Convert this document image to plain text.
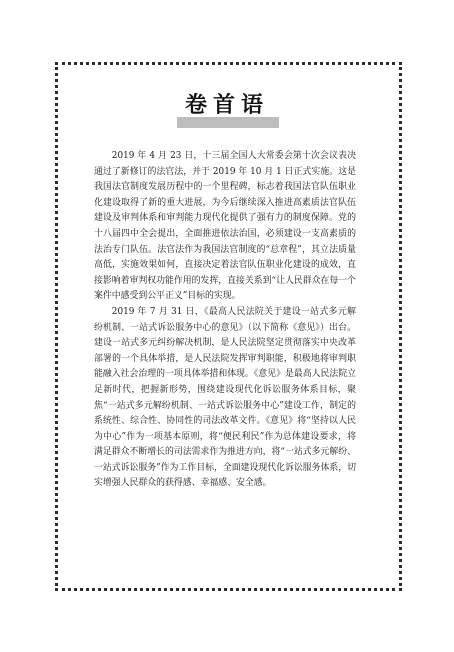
卷首语

2019 年 4 月 23 日，十三届全国人大常委会第十次会议表决通过了新修订的法官法，并于 2019 年 10 月 1 日正式实施。这是我国法官制度发展历程中的一个里程碑，标志着我国法官队伍职业化建设取得了新的重大进展，为今后继续深入推进高素质法官队伍建设及审判体系和审判能力现代化提供了强有力的制度保障。党的十八届四中全会提出，全面推进依法治国，必须建设一支高素质的法治专门队伍。法官法作为我国法官制度的“总章程”，其立法质量高低，实施效果如何，直接决定着法官队伍职业化建设的成效，直接影响着审判权功能作用的发挥，直接关系到“让人民群众在每一个案件中感受到公平正义”目标的实现。

2019 年 7 月 31 日，《最高人民法院关于建设一站式多元解纷机制、一站式诉讼服务中心的意见》（以下简称《意见》）出台。建设一站式多元纠纷解决机制，是人民法院坚定贯彻落实中央改革部署的一个具体举措，是人民法院发挥审判职能，积极地将审判职能融入社会治理的一项具体举措和体现。《意见》是最高人民法院立足新时代，把握新形势，围绕建设现代化诉讼服务体系目标，聚焦“一站式多元解纷机制、一站式诉讼服务中心”建设工作，制定的系统性、综合性、协同性的司法改革文件。《意见》将“坚持以人民为中心”作为一项基本原则，将“便民利民”作为总体建设要求，将满足群众不断增长的司法需求作为推进方向，将“一站式多元解纷、一站式诉讼服务”作为工作目标，全面建设现代化诉讼服务体系，切实增强人民群众的获得感、幸福感、安全感。
